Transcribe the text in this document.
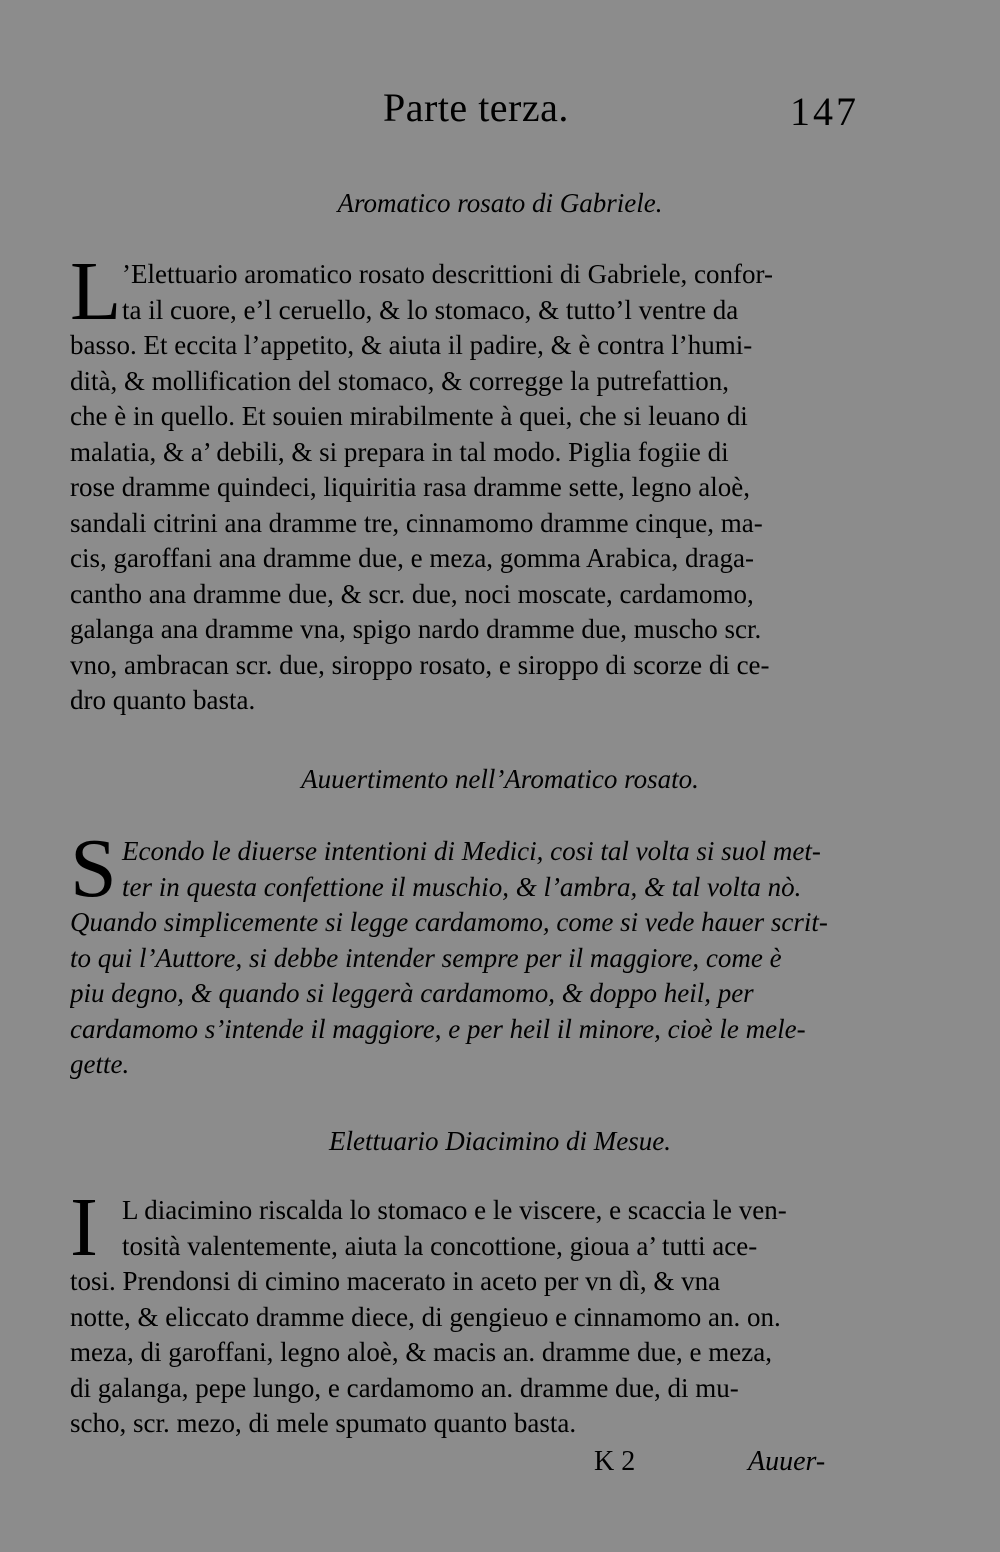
Parte terza.	147
Aromatico rosato di Gabriele.
L ’Elettuario aromatico rosato descrittioni di Gabriele, confor-
ta il cuore, e’l ceruello, & lo stomaco, & tutto’l ventre da
basso. Et eccita l’appetito, & aiuta il padire, & è contra l’humi-
dità, & mollification del stomaco, & corregge la putrefattion,
che è in quello. Et souien mirabilmente à quei, che si leuano di
malatia, & a’ debili, & si prepara in tal modo. Piglia fogiie di
rose dramme quindeci, liquiritia rasa dramme sette, legno aloè,
sandali citrini ana dramme tre, cinnamomo dramme cinque, ma-
cis, garoffani ana dramme due, e meza, gomma Arabica, draga-
cantho ana dramme due, & scr. due, noci moscate, cardamomo,
galanga ana dramme vna, spigo nardo dramme due, muscho scr.
vno, ambracan scr. due, siroppo rosato, e siroppo di scorze di ce-
dro quanto basta.
Auuertimento nell’Aromatico rosato.
S Econdo le diuerse intentioni di Medici, cosi tal volta si suol met-
ter in questa confettione il muschio, & l’ambra, & tal volta nò.
Quando simplicemente si legge cardamomo, come si vede hauer scrit-
to qui l’Auttore, si debbe intender sempre per il maggiore, come è
piu degno, & quando si leggerà cardamomo, & doppo heil, per
cardamomo s’intende il maggiore, e per heil il minore, cioè le mele-
gette.
Elettuario Diacimino di Mesue.
I L diacimino riscalda lo stomaco e le viscere, e scaccia le ven-
tosità valentemente, aiuta la concottione, gioua a’ tutti ace-
tosi. Prendonsi di cimino macerato in aceto per vn dì, & vna
notte, & eliccato dramme diece, di gengieuo e cinnamomo an. on.
meza, di garoffani, legno aloè, & macis an. dramme due, e meza,
di galanga, pepe lungo, e cardamomo an. dramme due, di mu-
scho, scr. mezo, di mele spumato quanto basta.
K 2	Auuer-
